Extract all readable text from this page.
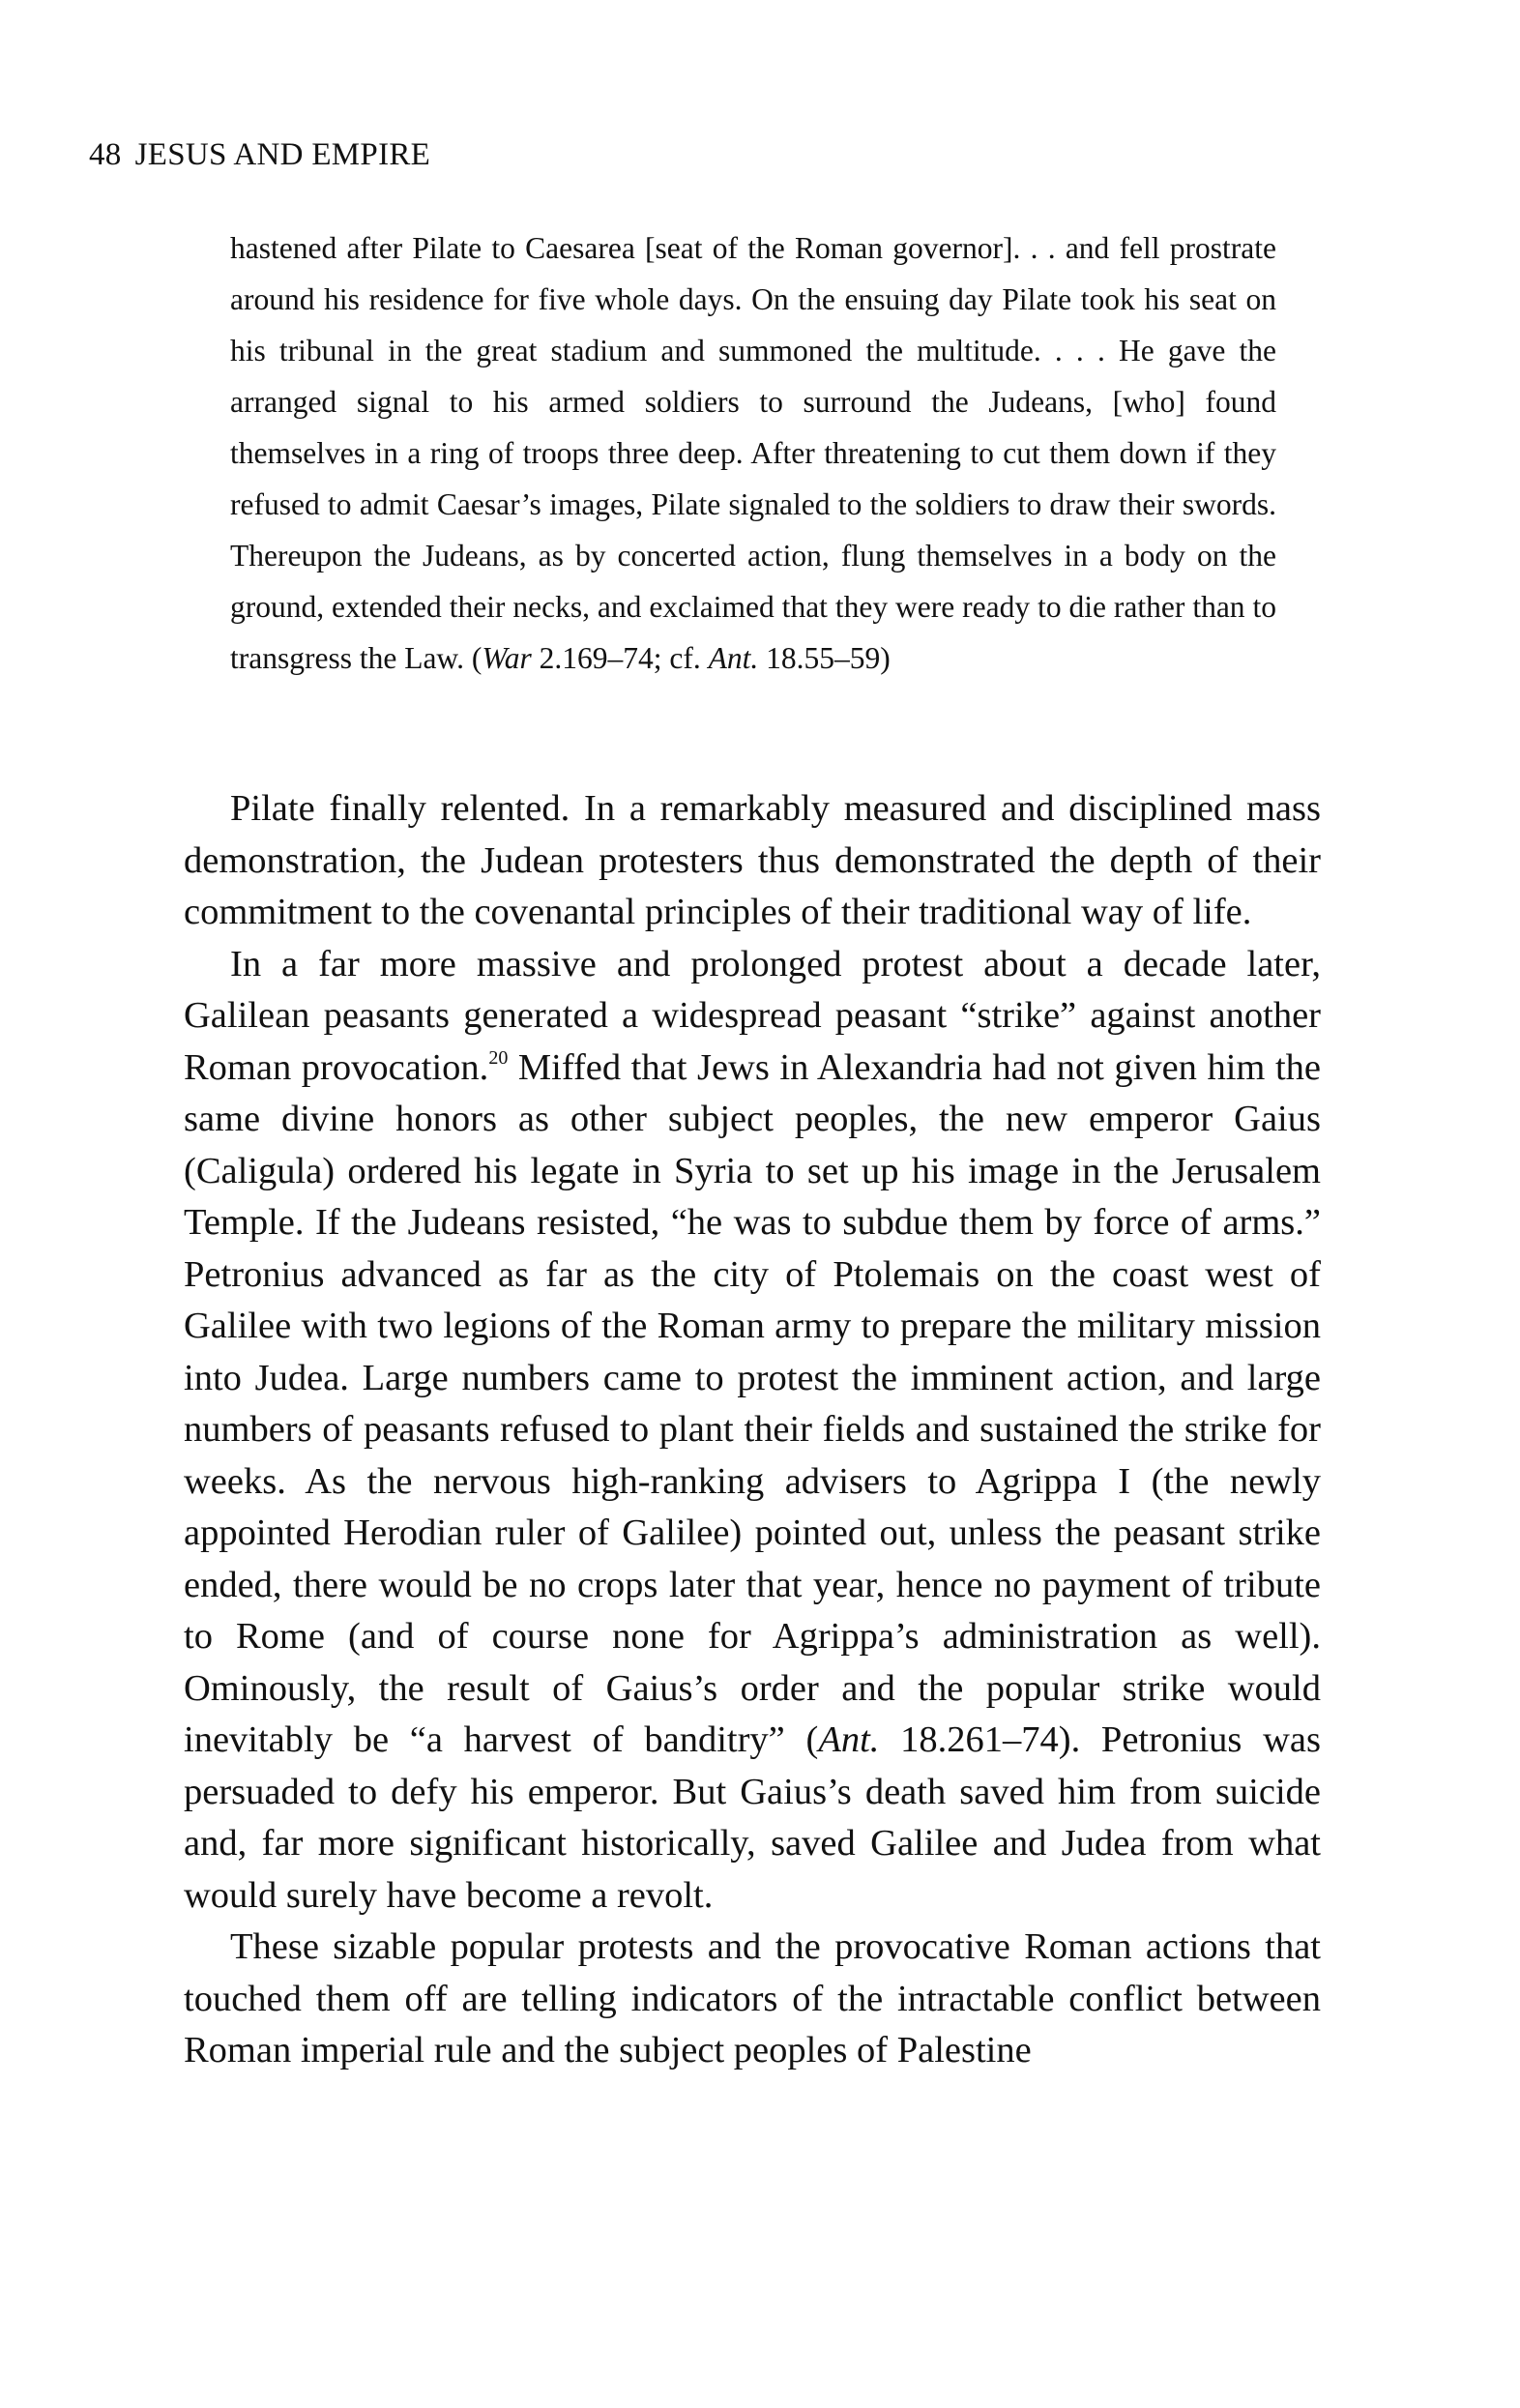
48 JESUS AND EMPIRE

hastened after Pilate to Caesarea [seat of the Roman governor]. . . and fell prostrate around his residence for five whole days. On the ensuing day Pilate took his seat on his tribunal in the great stadium and summoned the multitude. . . . He gave the arranged signal to his armed soldiers to surround the Judeans, [who] found themselves in a ring of troops three deep. After threatening to cut them down if they refused to admit Caesar’s images, Pilate signaled to the soldiers to draw their swords. Thereupon the Judeans, as by concerted action, flung themselves in a body on the ground, extended their necks, and exclaimed that they were ready to die rather than to transgress the Law. (War 2.169–74; cf. Ant. 18.55–59)

Pilate finally relented. In a remarkably measured and disciplined mass demonstration, the Judean protesters thus demonstrated the depth of their commitment to the covenantal principles of their traditional way of life.

In a far more massive and prolonged protest about a decade later, Galilean peasants generated a widespread peasant “strike” against another Roman provocation.$^{20}$ Miffed that Jews in Alexandria had not given him the same divine honors as other subject peoples, the new emperor Gaius (Caligula) ordered his legate in Syria to set up his image in the Jerusalem Temple. If the Judeans resisted, “he was to subdue them by force of arms.” Petronius advanced as far as the city of Ptolemais on the coast west of Galilee with two legions of the Roman army to prepare the military mission into Judea. Large numbers came to protest the imminent action, and large numbers of peasants refused to plant their fields and sustained the strike for weeks. As the nervous high-ranking advisers to Agrippa I (the newly appointed Herodian ruler of Galilee) pointed out, unless the peasant strike ended, there would be no crops later that year, hence no payment of tribute to Rome (and of course none for Agrippa’s administration as well). Ominously, the result of Gaius’s order and the popular strike would inevitably be “a harvest of banditry” (Ant. 18.261–74). Petronius was persuaded to defy his emperor. But Gaius’s death saved him from suicide and, far more significant historically, saved Galilee and Judea from what would surely have become a revolt.

These sizable popular protests and the provocative Roman actions that touched them off are telling indicators of the intractable conflict between Roman imperial rule and the subject peoples of Palestine
